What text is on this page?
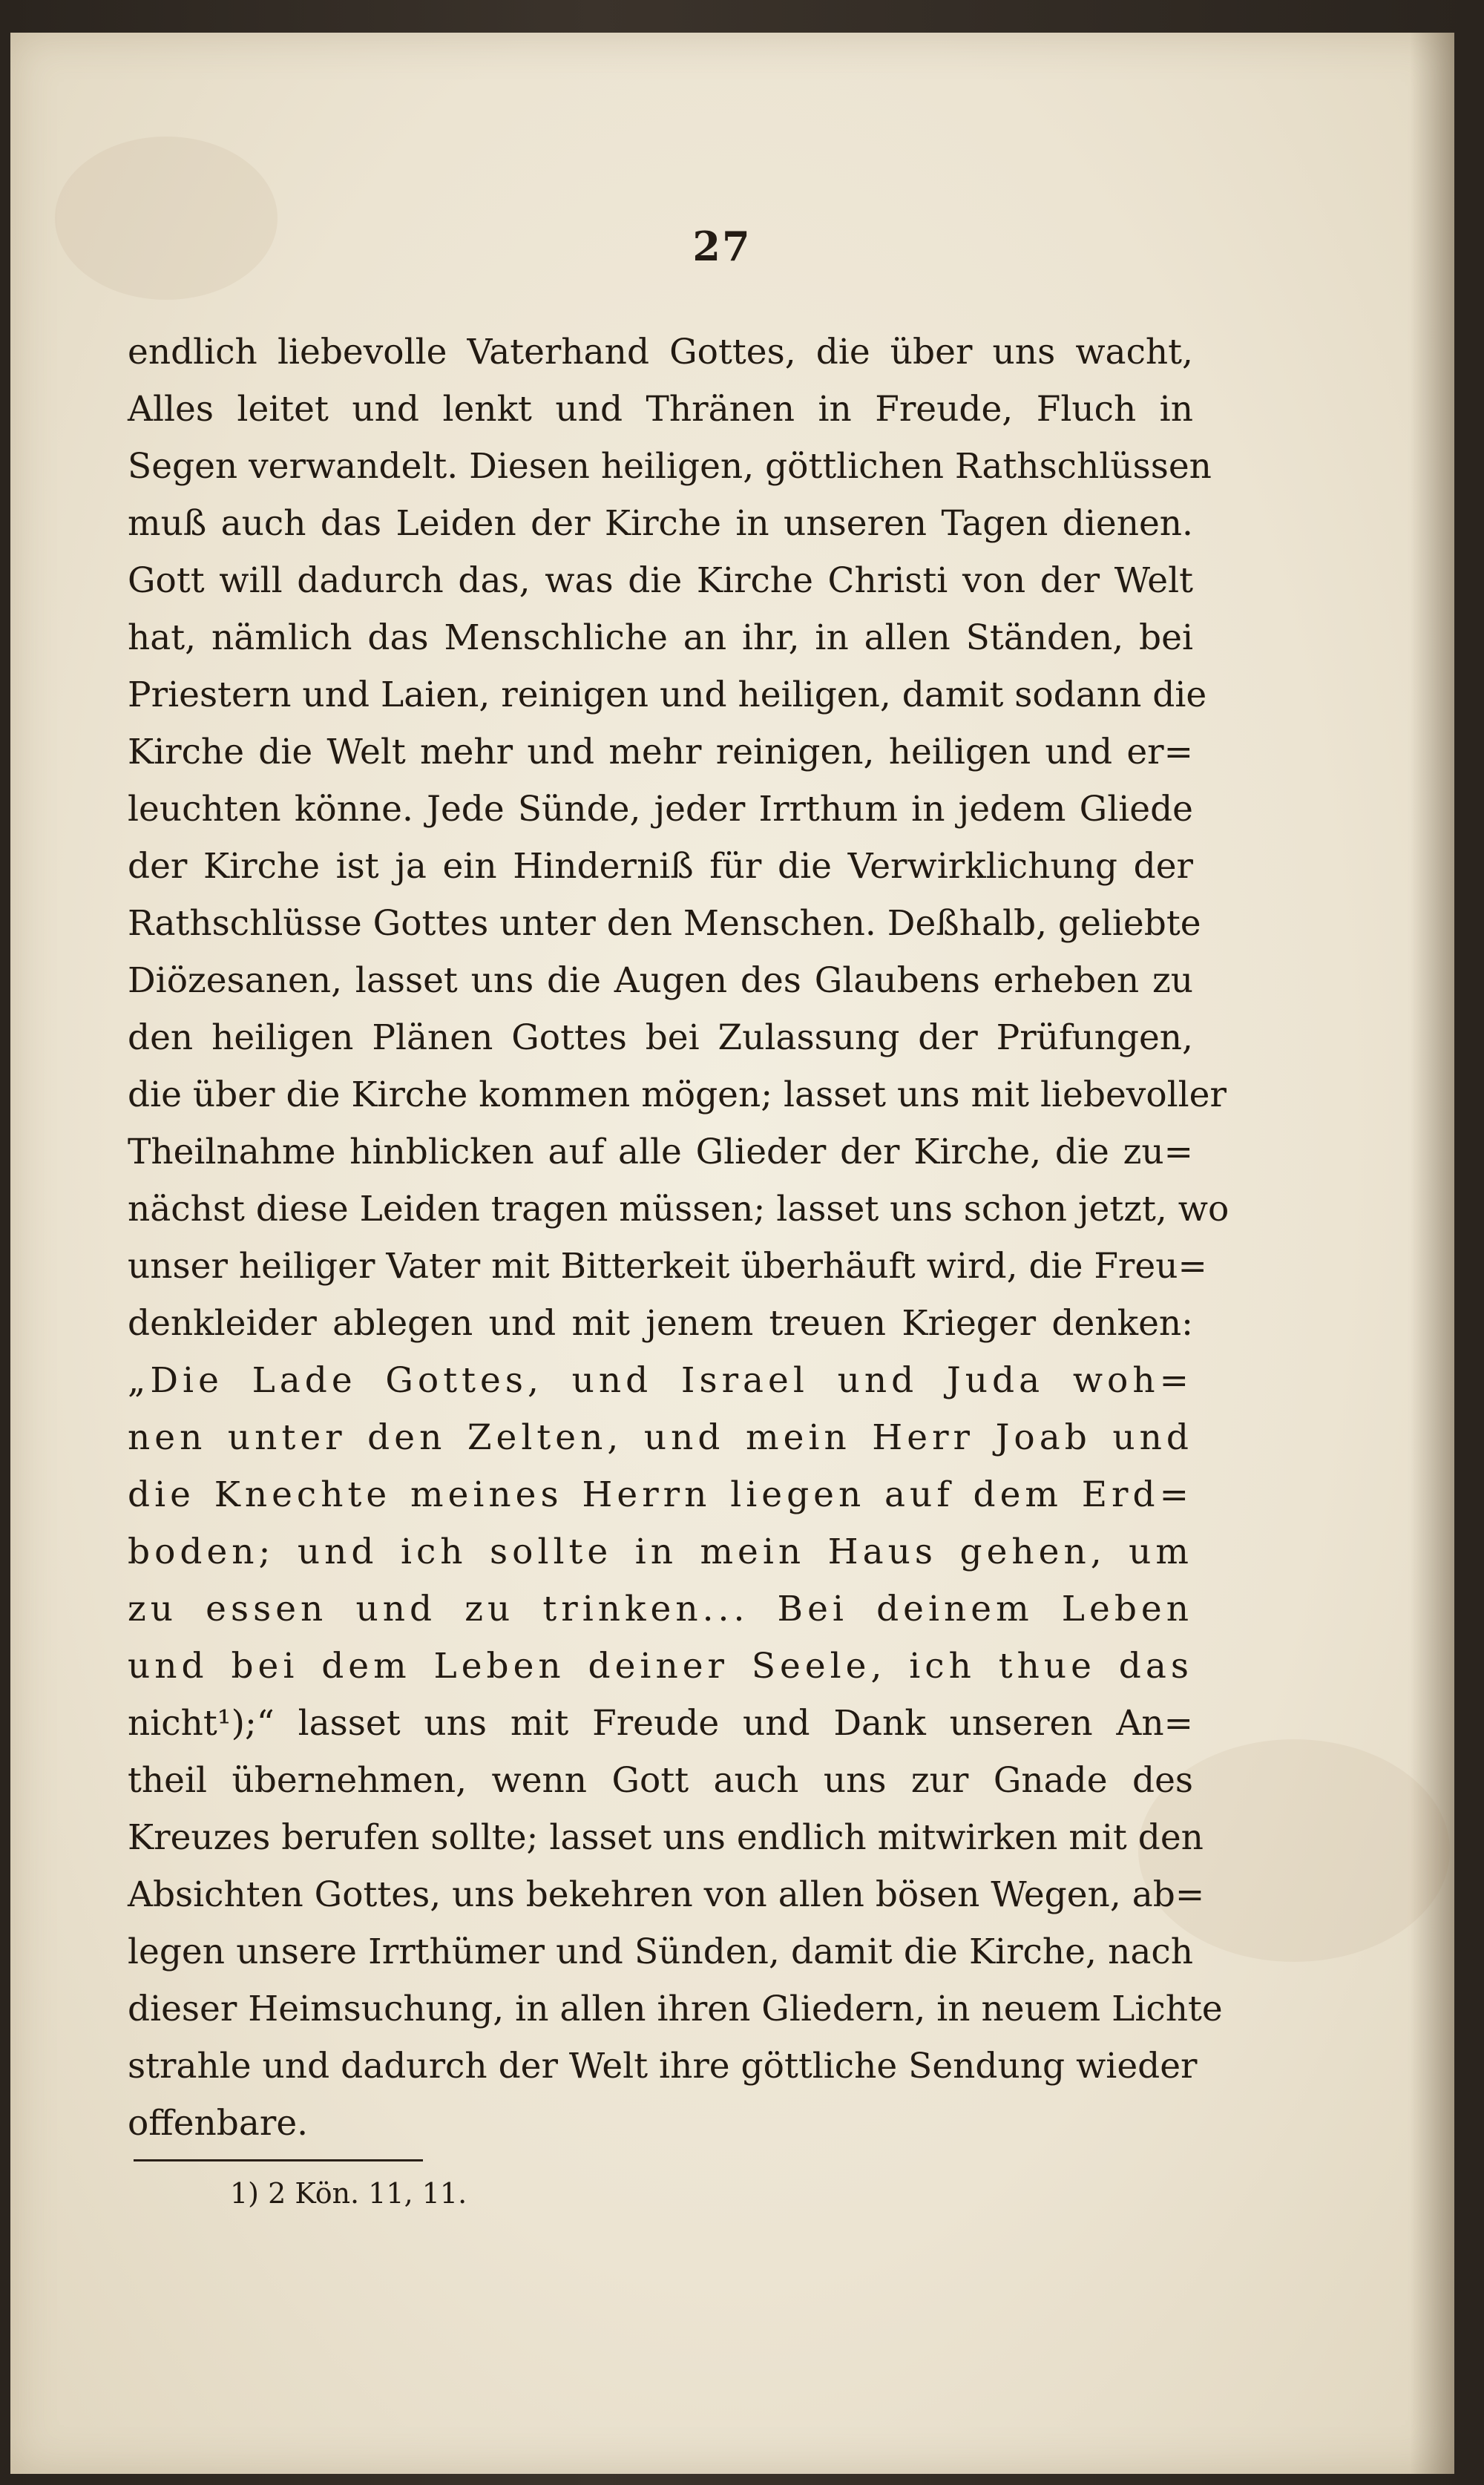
27
endlich liebevolle Vaterhand Gottes, die über uns wacht,
Alles leitet und lenkt und Thränen in Freude, Fluch in
Segen verwandelt. Diesen heiligen, göttlichen Rathschlüssen
muß auch das Leiden der Kirche in unseren Tagen dienen.
Gott will dadurch das, was die Kirche Christi von der Welt
hat, nämlich das Menschliche an ihr, in allen Ständen, bei
Priestern und Laien, reinigen und heiligen, damit sodann die
Kirche die Welt mehr und mehr reinigen, heiligen und er=
leuchten könne. Jede Sünde, jeder Irrthum in jedem Gliede
der Kirche ist ja ein Hinderniß für die Verwirklichung der
Rathschlüsse Gottes unter den Menschen. Deßhalb, geliebte
Diözesanen, lasset uns die Augen des Glaubens erheben zu
den heiligen Plänen Gottes bei Zulassung der Prüfungen,
die über die Kirche kommen mögen; lasset uns mit liebevoller
Theilnahme hinblicken auf alle Glieder der Kirche, die zu=
nächst diese Leiden tragen müssen; lasset uns schon jetzt, wo
unser heiliger Vater mit Bitterkeit überhäuft wird, die Freu=
denkleider ablegen und mit jenem treuen Krieger denken:
„Die Lade Gottes, und Israel und Juda woh=
nen unter den Zelten, und mein Herr Joab und
die Knechte meines Herrn liegen auf dem Erd=
boden; und ich sollte in mein Haus gehen, um
zu essen und zu trinken... Bei deinem Leben
und bei dem Leben deiner Seele, ich thue das
nicht¹);“ lasset uns mit Freude und Dank unseren An=
theil übernehmen, wenn Gott auch uns zur Gnade des
Kreuzes berufen sollte; lasset uns endlich mitwirken mit den
Absichten Gottes, uns bekehren von allen bösen Wegen, ab=
legen unsere Irrthümer und Sünden, damit die Kirche, nach
dieser Heimsuchung, in allen ihren Gliedern, in neuem Lichte
strahle und dadurch der Welt ihre göttliche Sendung wieder
offenbare.
1) 2 Kön. 11, 11.
